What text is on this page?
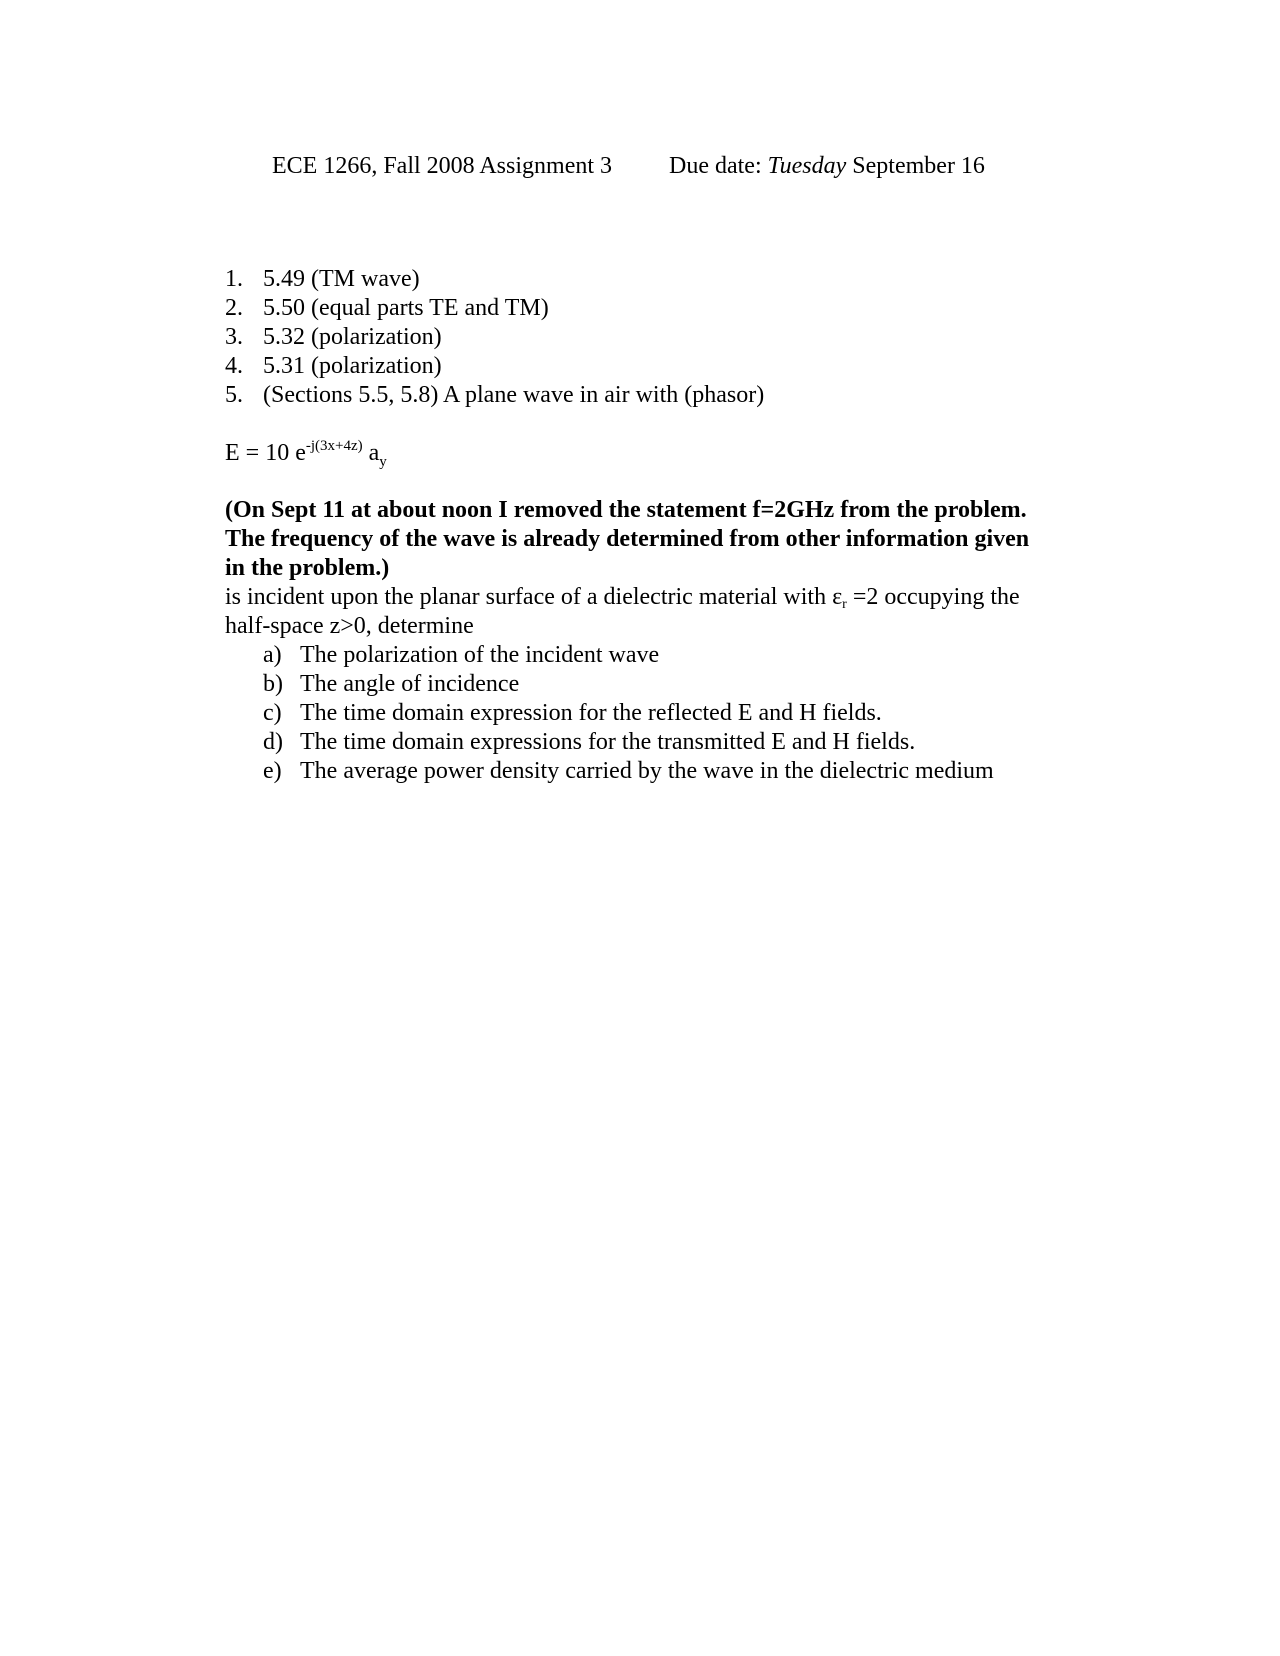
ECE 1266, Fall 2008 Assignment 3 Due date: Tuesday September 16
1. 5.49 (TM wave)
2. 5.50 (equal parts TE and TM)
3. 5.32 (polarization)
4. 5.31 (polarization)
5. (Sections 5.5, 5.8) A plane wave in air with (phasor)
E = 10 $e^{-j(3x+4z)}$ $a_y$
(On Sept 11 at about noon I removed the statement f=2GHz from the problem.
The frequency of the wave is already determined from other information given
in the problem.)
is incident upon the planar surface of a dielectric material with εr =2 occupying the
half-space z>0, determine
a) The polarization of the incident wave
b) The angle of incidence
c) The time domain expression for the reflected E and H fields.
d) The time domain expressions for the transmitted E and H fields.
e) The average power density carried by the wave in the dielectric medium
